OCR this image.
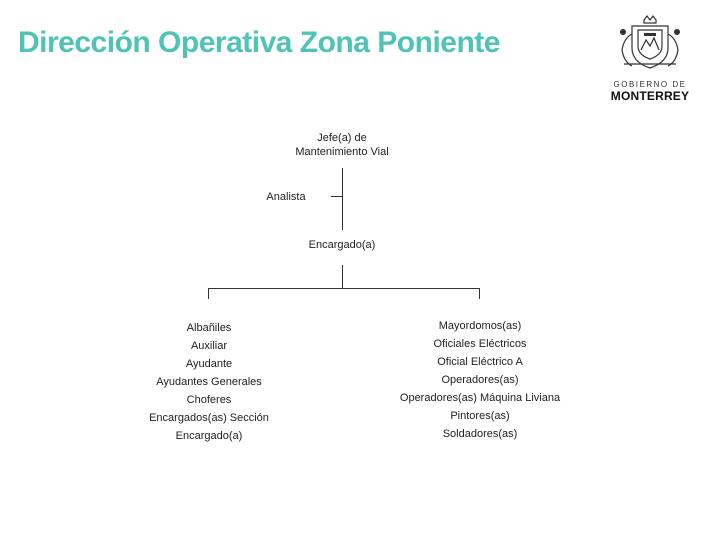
Dirección Operativa Zona Poniente
GOBIERNO DE
MONTERREY
Jefe(a) de
Mantenimiento Vial
Analista
Encargado(a)
Albañiles
Auxiliar
Ayudante
Ayudantes Generales
Choferes
Encargados(as) Sección
Encargado(a)
Mayordomos(as)
Oficiales Eléctricos
Oficial Eléctrico A
Operadores(as)
Operadores(as) Máquina Liviana
Pintores(as)
Soldadores(as)
